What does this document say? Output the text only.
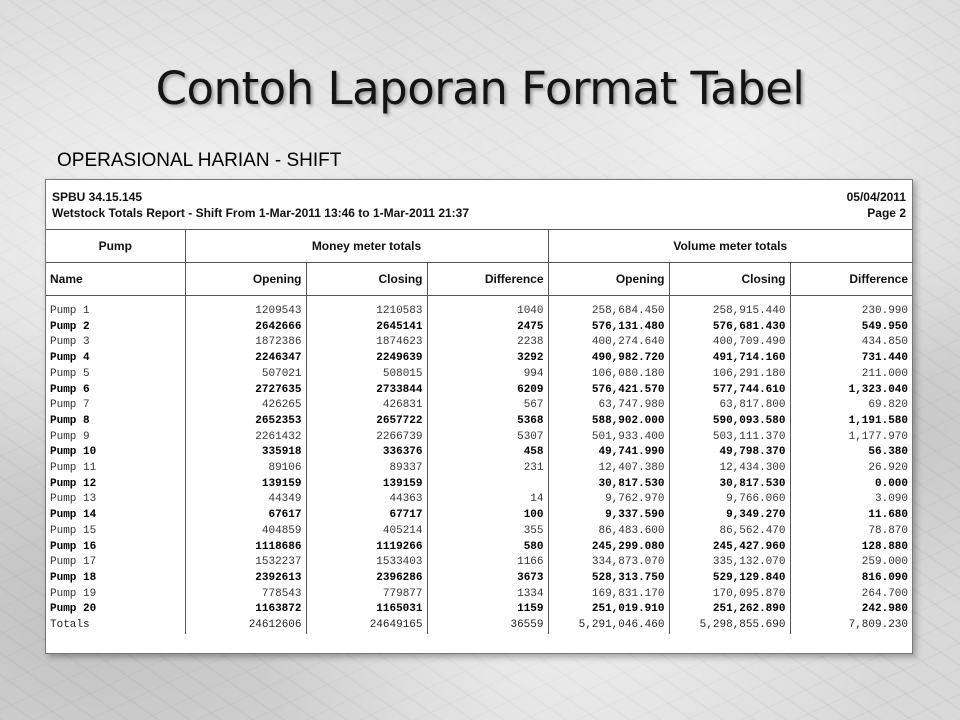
Contoh Laporan Format Tabel
OPERASIONAL HARIAN - SHIFT
SPBU 34.15.145
Wetstock Totals Report - Shift From 1-Mar-2011 13:46 to 1-Mar-2011 21:37
05/04/2011
Page 2
Pump	Money meter totals			Volume meter totals		
Name	Opening	Closing	Difference	Opening	Closing	Difference

Pump 1	1209543	1210583	1040	258,684.450	258,915.440	230.990
Pump 2	2642666	2645141	2475	576,131.480	576,681.430	549.950
Pump 3	1872386	1874623	2238	400,274.640	400,709.490	434.850
Pump 4	2246347	2249639	3292	490,982.720	491,714.160	731.440
Pump 5	507021	508015	994	106,080.180	106,291.180	211.000
Pump 6	2727635	2733844	6209	576,421.570	577,744.610	1,323.040
Pump 7	426265	426831	567	63,747.980	63,817.800	69.820
Pump 8	2652353	2657722	5368	588,902.000	590,093.580	1,191.580
Pump 9	2261432	2266739	5307	501,933.400	503,111.370	1,177.970
Pump 10	335918	336376	458	49,741.990	49,798.370	56.380
Pump 11	89106	89337	231	12,407.380	12,434.300	26.920
Pump 12	139159	139159		30,817.530	30,817.530	0.000
Pump 13	44349	44363	14	9,762.970	9,766.060	3.090
Pump 14	67617	67717	100	9,337.590	9,349.270	11.680
Pump 15	404859	405214	355	86,483.600	86,562.470	78.870
Pump 16	1118686	1119266	580	245,299.080	245,427.960	128.880
Pump 17	1532237	1533403	1166	334,873.070	335,132.070	259.000
Pump 18	2392613	2396286	3673	528,313.750	529,129.840	816.090
Pump 19	778543	779877	1334	169,831.170	170,095.870	264.700
Pump 20	1163872	1165031	1159	251,019.910	251,262.890	242.980
Totals	24612606	24649165	36559	5,291,046.460	5,298,855.690	7,809.230
